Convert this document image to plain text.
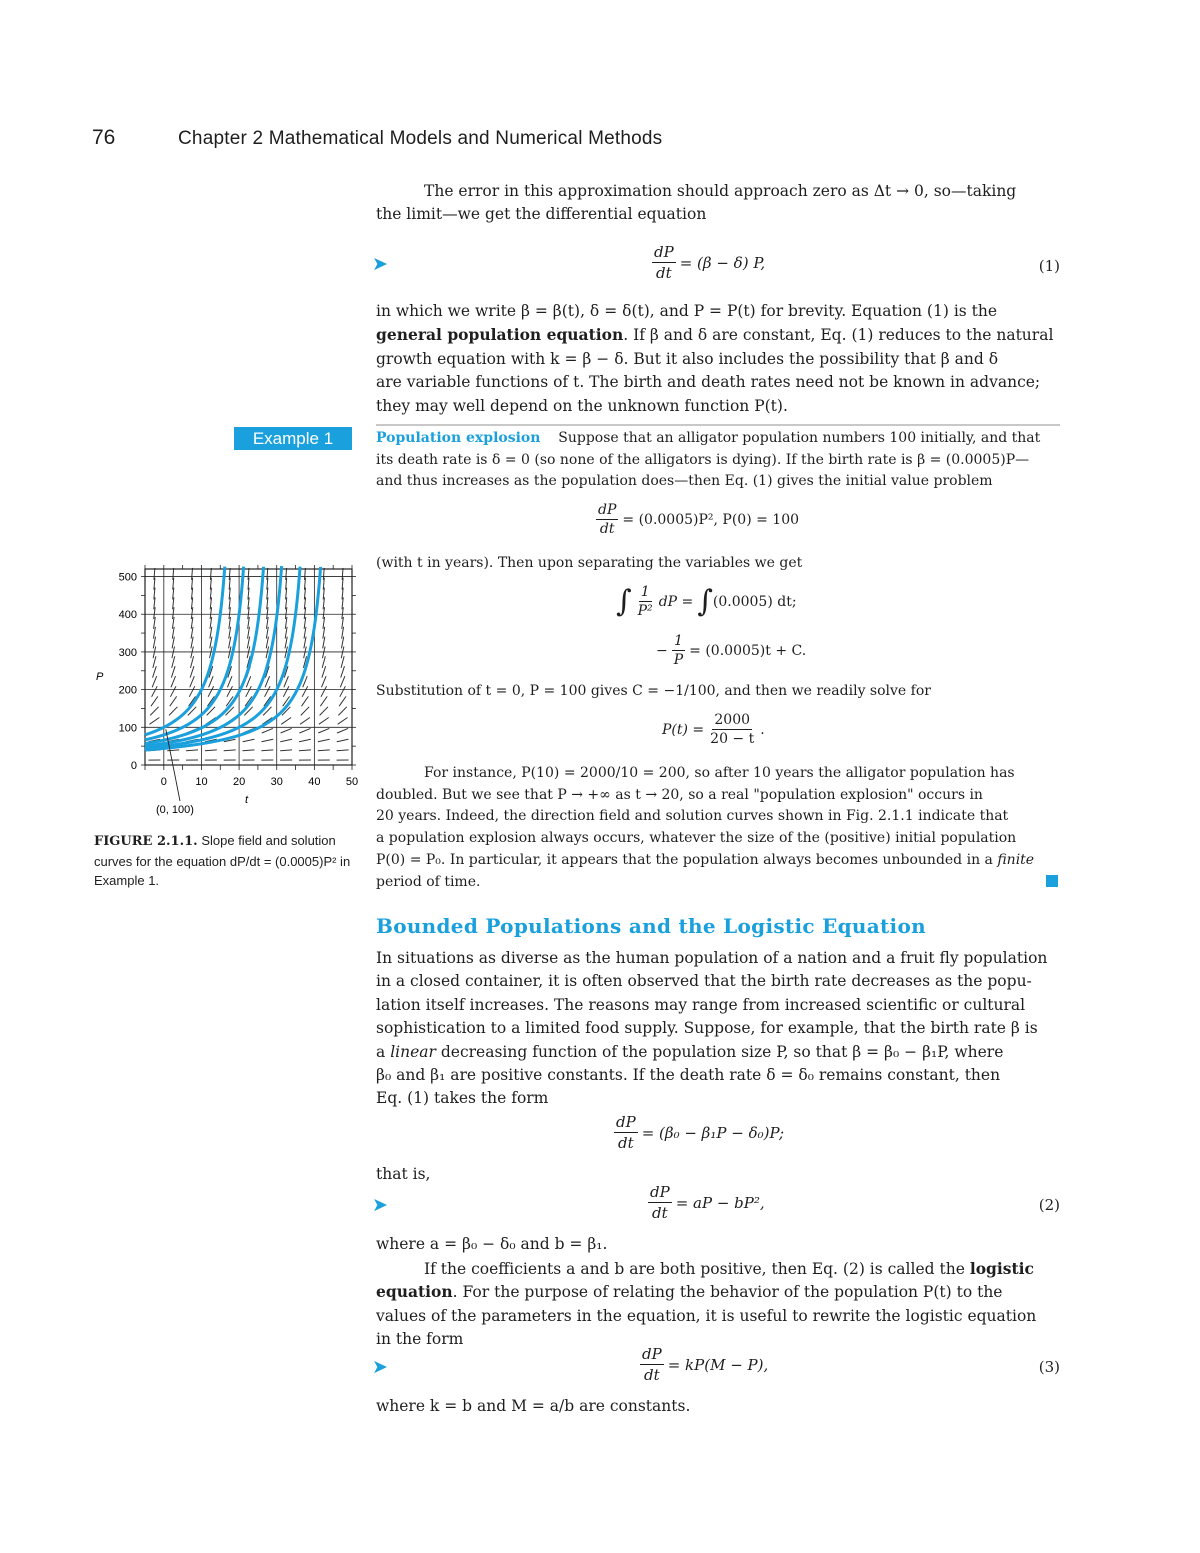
76	Chapter 2 Mathematical Models and Numerical Methods
The error in this approximation should approach zero as Δt → 0, so—taking
the limit—we get the differential equation
➤	$\frac{dP}{dt} = (\beta - \delta)$ P,	(1)
in which we write β = β(t), δ = δ(t), and P = P(t) for brevity. Equation (1) is the
general population equation. If β and δ are constant, Eq. (1) reduces to the natural
growth equation with k = β − δ. But it also includes the possibility that β and δ
are variable functions of t. The birth and death rates need not be known in advance;
they may well depend on the unknown function P(t).
Example 1	Population explosion Suppose that an alligator population numbers 100 initially, and that
its death rate is δ = 0 (so none of the alligators is dying). If the birth rate is β = (0.0005)P—
and thus increases as the population does—then Eq. (1) gives the initial value problem
$\frac{dP}{dt} = (0.0005)P^2$, P(0) = 100
(with t in years). Then upon separating the variables we get
∫ $\frac{1}{\text{P²}}$ dP = ∫ (0.0005) dt;
− $\frac{1}{P} = (0.0005)t + C$.
Substitution of t = 0, P = 100 gives C = −1/100, and then we readily solve for
$P(t) = \frac{2000}{20 - t}$ .
For instance, P(10) = 2000/10 = 200, so after 10 years the alligator population has
doubled. But we see that P → +∞ as t → 20, so a real "population explosion" occurs in
20 years. Indeed, the direction field and solution curves shown in Fig. 2.1.1 indicate that
a population explosion always occurs, whatever the size of the (positive) initial population
P(0) = P₀. In particular, it appears that the population always becomes unbounded in a finite
period of time.
Bounded Populations and the Logistic Equation
In situations as diverse as the human population of a nation and a fruit fly population
in a closed container, it is often observed that the birth rate decreases as the popu-
lation itself increases. The reasons may range from increased scientific or cultural
sophistication to a limited food supply. Suppose, for example, that the birth rate β is
a linear decreasing function of the population size P, so that β = β₀ − β₁P, where
β₀ and β₁ are positive constants. If the death rate δ = δ₀ remains constant, then
Eq. (1) takes the form
$\frac{dP}{dt} = (\beta_0 - \beta_1P - \delta_0)P$;
that is,
➤	$\frac{dP}{dt}$ = aP − bP²,	(2)
where a = β₀ − δ₀ and b = β₁.
If the coefficients a and b are both positive, then Eq. (2) is called the logistic
equation. For the purpose of relating the behavior of the population P(t) to the
values of the parameters in the equation, it is useful to rewrite the logistic equation
in the form
➤	$\frac{dP}{dt} = kP(M - P)$,	(3)
where k = b and M = a/b are constants.
0	10 20 30 40 50
0
100
200
300
400
500
P
t
(0, 100)
FIGURE 2.1.1. Slope field and solution curves for the equation dP/dt = (0.0005)P² in Example 1.
